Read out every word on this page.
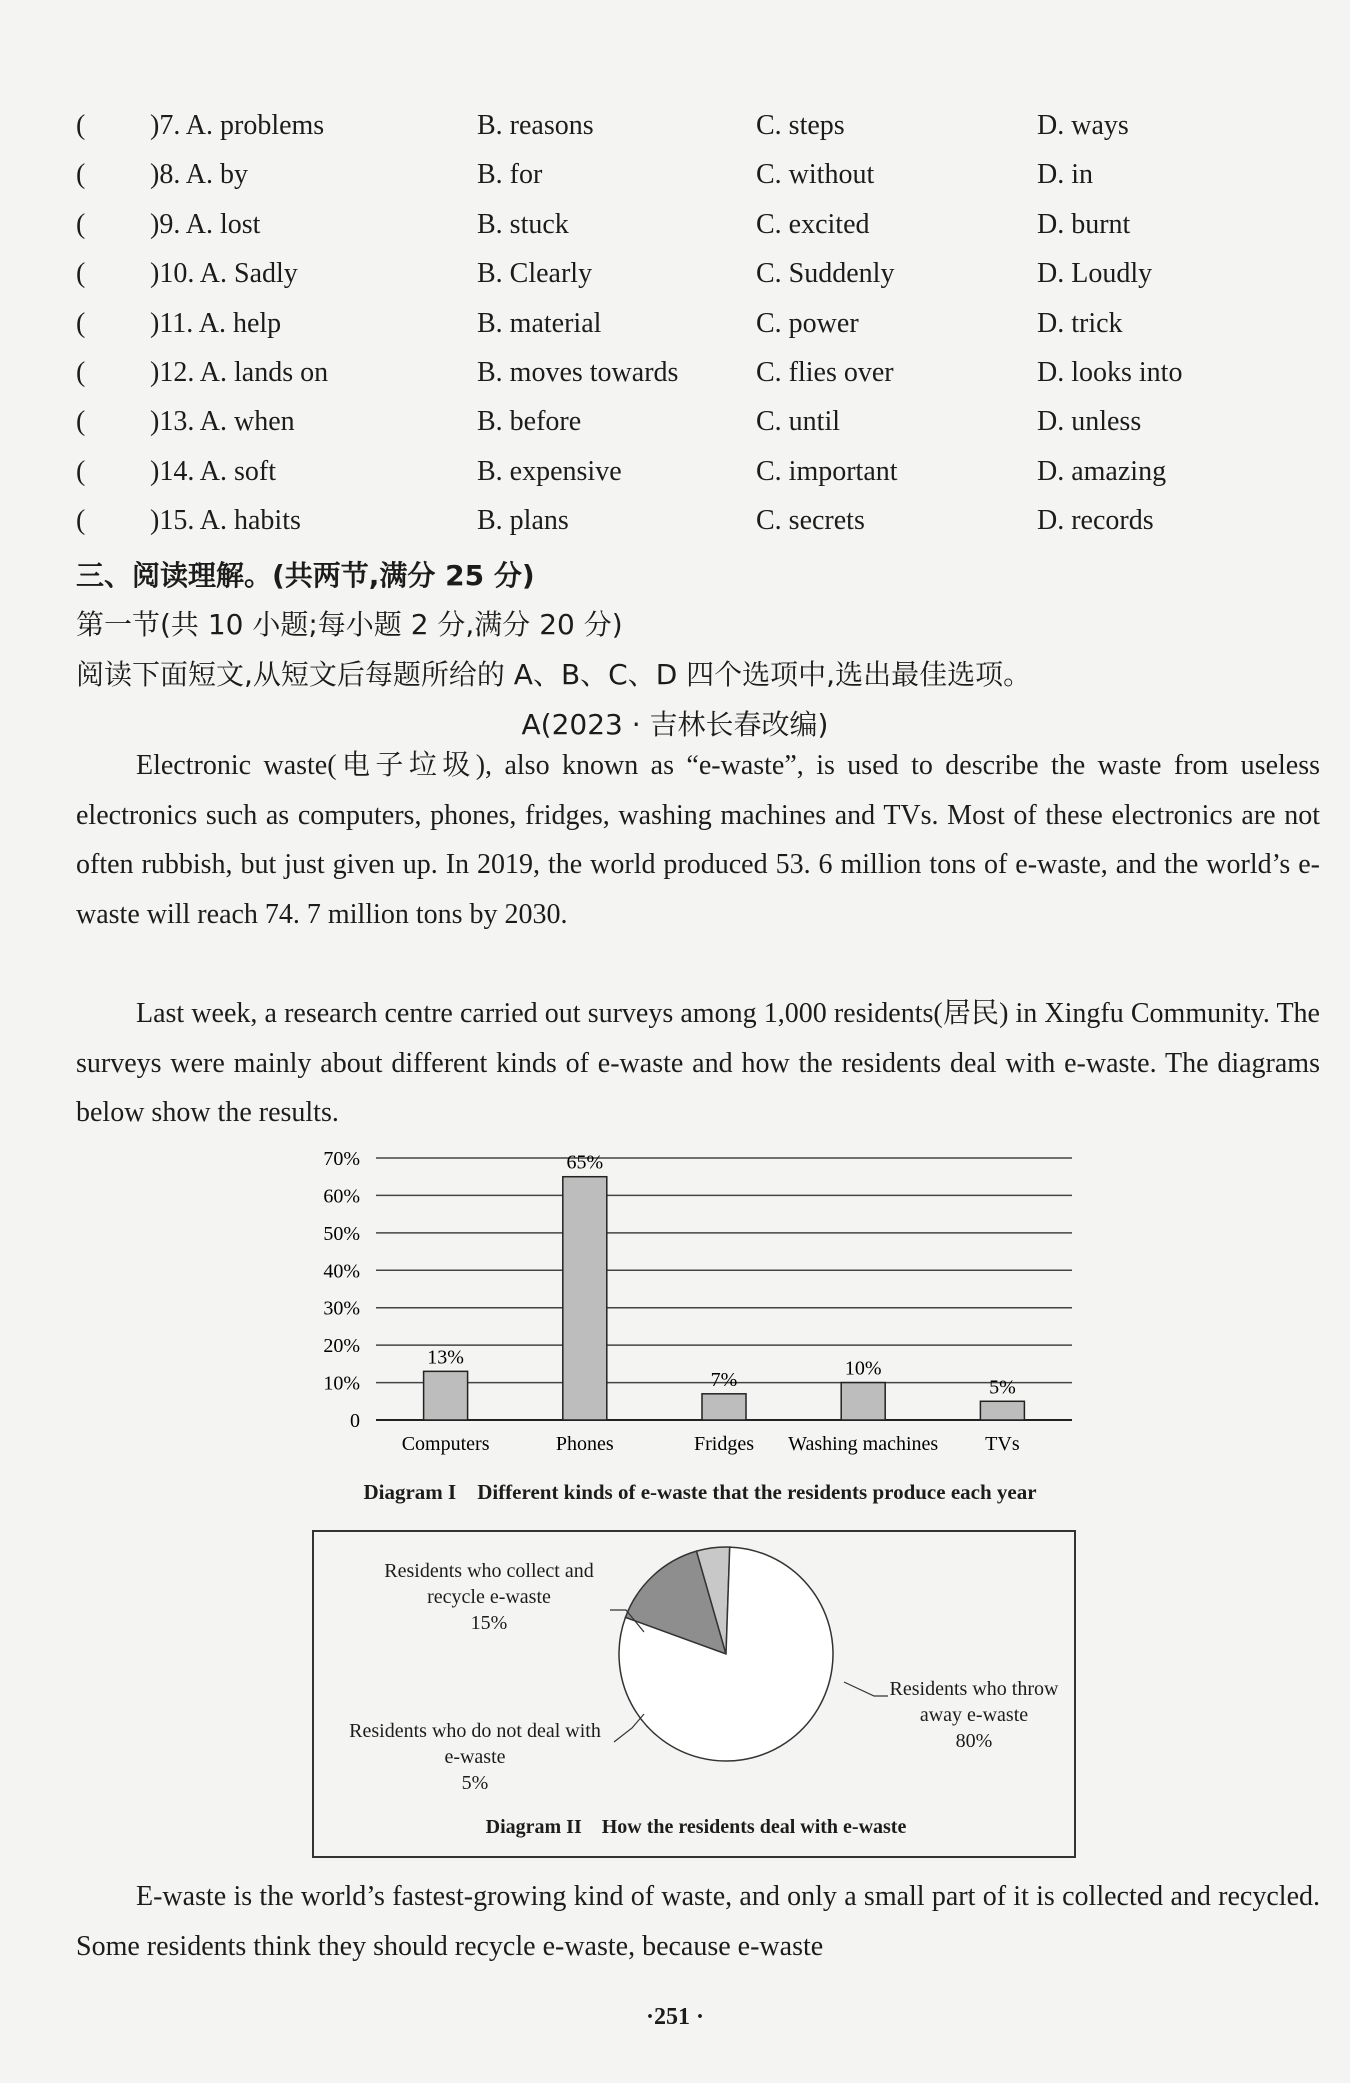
( )7. A. problems	B. reasons	C. steps	D. ways
( )8. A. by	B. for	C. without	D. in
( )9. A. lost	B. stuck	C. excited	D. burnt
( )10. A. Sadly	B. Clearly	C. Suddenly	D. Loudly
( )11. A. help	B. material	C. power	D. trick
( )12. A. lands on	B. moves towards	C. flies over	D. looks into
( )13. A. when	B. before	C. until	D. unless
( )14. A. soft	B. expensive	C. important	D. amazing
( )15. A. habits	B. plans	C. secrets	D. records
三、阅读理解。(共两节,满分 25 分)
第一节(共 10 小题;每小题 2 分,满分 20 分)
阅读下面短文,从短文后每题所给的 A、B、C、D 四个选项中,选出最佳选项。
A(2023 · 吉林长春改编)
Electronic waste(电子垃圾), also known as “e-waste”, is used to describe the waste from useless electronics such as computers, phones, fridges, washing machines and TVs. Most of these electronics are not often rubbish, but just given up. In 2019, the world produced 53. 6 million tons of e-waste, and the world’s e-waste will reach 74. 7 million tons by 2030.
Last week, a research centre carried out surveys among 1,000 residents(居民) in Xingfu Community. The surveys were mainly about different kinds of e-waste and how the residents deal with e-waste. The diagrams below show the results.
0
10%
20%
30%
40%
50%
60%
70%
13%
Computers
65%
Phones
7%
Fridges
10%
Washing machines
5%
TVs
Diagram I    Different kinds of e-waste that the residents produce each year
Residents who collect and
recycle e-waste
15%
Residents who do not deal with
e-waste
5%
Residents who throw
away e-waste
80%
Diagram II    How the residents deal with e-waste
E-waste is the world’s fastest-growing kind of waste, and only a small part of it is collected and recycled. Some residents think they should recycle e-waste, because e-waste
·251 ·
